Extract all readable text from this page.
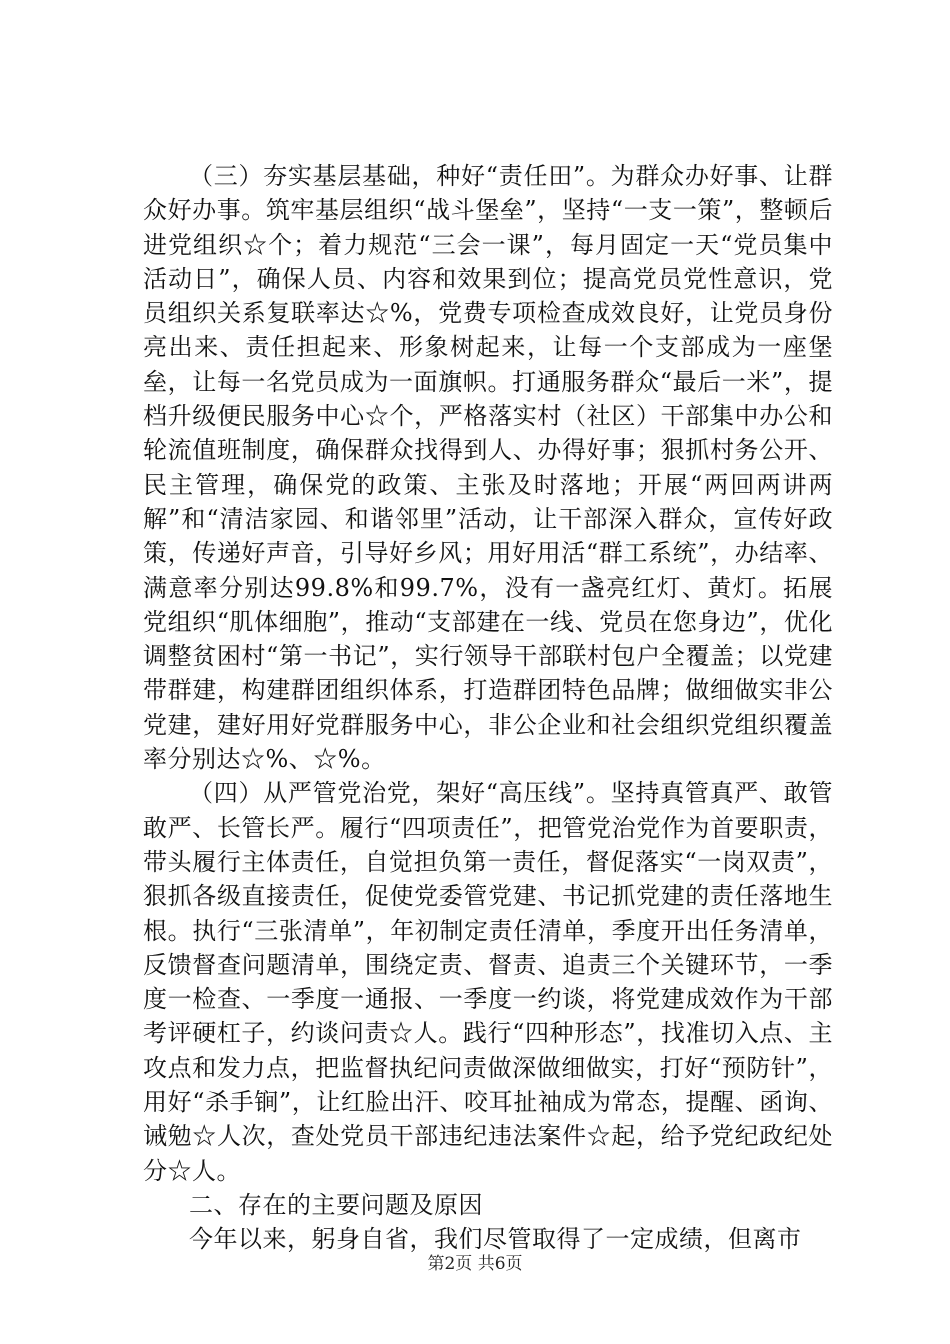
（三）夯实基层基础，种好“责任田”。为群众办好事、让群众好办事。筑牢基层组织“战斗堡垒”，坚持“一支一策”，整顿后进党组织☆个；着力规范“三会一课”，每月固定一天“党员集中活动日”，确保人员、内容和效果到位；提高党员党性意识，党员组织关系复联率达☆%，党费专项检查成效良好，让党员身份亮出来、责任担起来、形象树起来，让每一个支部成为一座堡垒，让每一名党员成为一面旗帜。打通服务群众“最后一米”，提档升级便民服务中心☆个，严格落实村（社区）干部集中办公和轮流值班制度，确保群众找得到人、办得好事；狠抓村务公开、民主管理，确保党的政策、主张及时落地；开展“两回两讲两解”和“清洁家园、和谐邻里”活动，让干部深入群众，宣传好政策，传递好声音，引导好乡风；用好用活“群工系统”，办结率、满意率分别达99.8%和99.7%，没有一盏亮红灯、黄灯。拓展党组织“肌体细胞”，推动“支部建在一线、党员在您身边”，优化调整贫困村“第一书记”，实行领导干部联村包户全覆盖；以党建带群建，构建群团组织体系，打造群团特色品牌；做细做实非公党建，建好用好党群服务中心，非公企业和社会组织党组织覆盖率分别达☆%、☆%。

（四）从严管党治党，架好“高压线”。坚持真管真严、敢管敢严、长管长严。履行“四项责任”，把管党治党作为首要职责，带头履行主体责任，自觉担负第一责任，督促落实“一岗双责”，狠抓各级直接责任，促使党委管党建、书记抓党建的责任落地生根。执行“三张清单”，年初制定责任清单，季度开出任务清单，反馈督查问题清单，围绕定责、督责、追责三个关键环节，一季度一检查、一季度一通报、一季度一约谈，将党建成效作为干部考评硬杠子，约谈问责☆人。践行“四种形态”，找准切入点、主攻点和发力点，把监督执纪问责做深做细做实，打好“预防针”，用好“杀手锏”，让红脸出汗、咬耳扯袖成为常态，提醒、函询、诫勉☆人次，查处党员干部违纪违法案件☆起，给予党纪政纪处分☆人。

二、存在的主要问题及原因

今年以来，躬身自省，我们尽管取得了一定成绩，但离市

第2页 共6页
